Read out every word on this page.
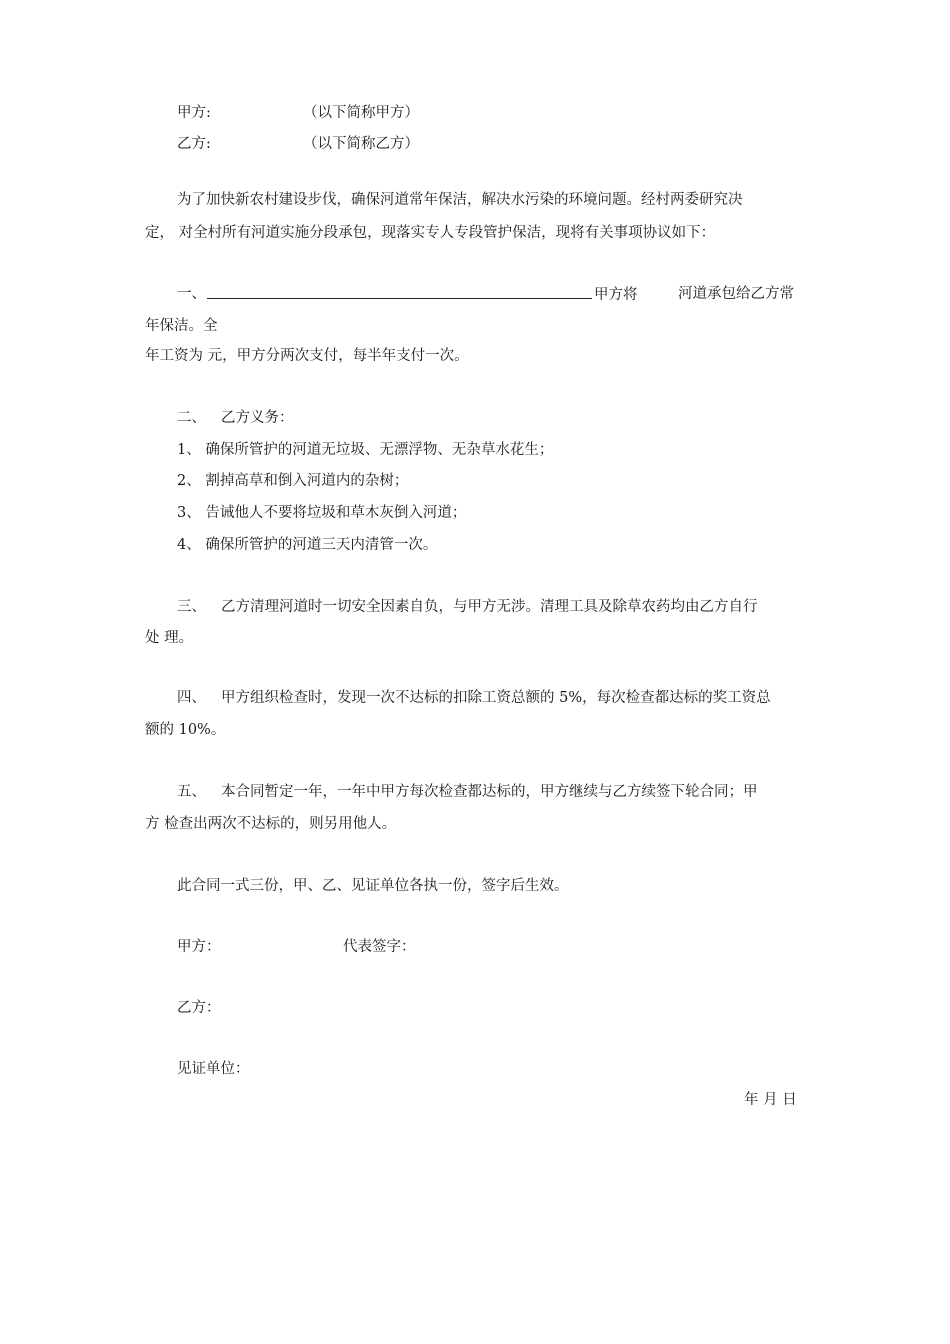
甲方:	（以下简称甲方）
乙方:	（以下简称乙方）
为了加快新农村建设步伐，确保河道常年保洁，解决水污染的环境问题。经村两委研究决
定， 对全村所有河道实施分段承包，现落实专人专段管护保洁，现将有关事项协议如下：
一、	甲方将	河道承包给乙方常
年保洁。全
年工资为 元，甲方分两次支付，每半年支付一次。
二、 乙方义务：
1、 确保所管护的河道无垃圾、无漂浮物、无杂草水花生；
2、 割掉高草和倒入河道内的杂树；
3、 告诫他人不要将垃圾和草木灰倒入河道；
4、 确保所管护的河道三天内清管一次。
三、 乙方清理河道时一切安全因素自负，与甲方无涉。清理工具及除草农药均由乙方自行
处 理。
四、 甲方组织检查时，发现一次不达标的扣除工资总额的 5%，每次检查都达标的奖工资总
额的 10%。
五、 本合同暂定一年，一年中甲方每次检查都达标的，甲方继续与乙方续签下轮合同；甲
方 检查出两次不达标的，则另用他人。
此合同一式三份，甲、乙、见证单位各执一份，签字后生效。
甲方：	代表签字：
乙方：
见证单位：
年 月 日
